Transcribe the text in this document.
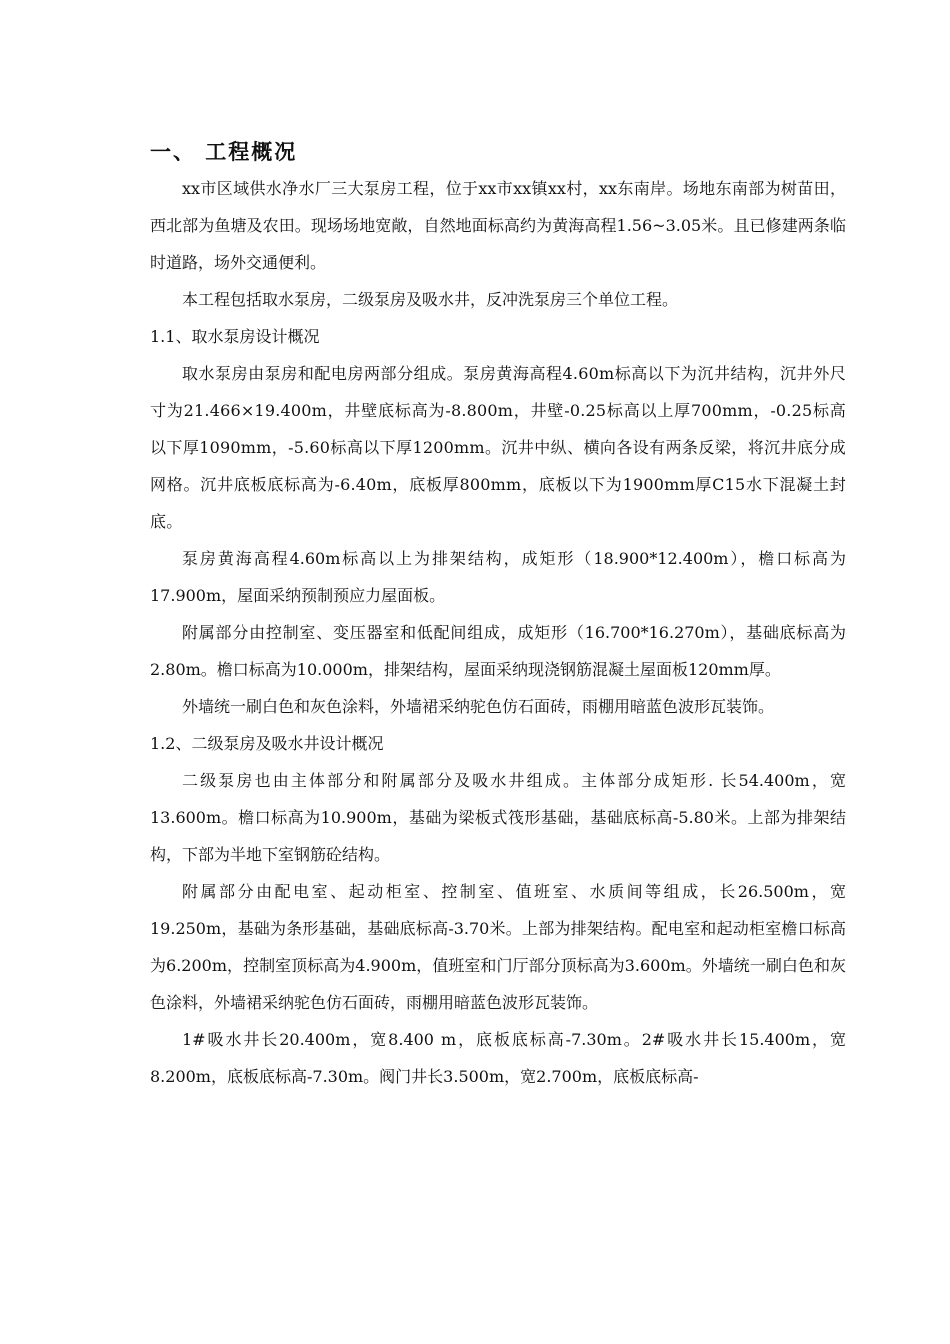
一、 工程概况

xx市区域供水净水厂三大泵房工程，位于xx市xx镇xx村，xx东南岸。场地东南部为树苗田，西北部为鱼塘及农田。现场场地宽敞，自然地面标高约为黄海高程1.56~3.05米。且已修建两条临时道路，场外交通便利。

本工程包括取水泵房，二级泵房及吸水井，反冲洗泵房三个单位工程。

1.1、取水泵房设计概况

取水泵房由泵房和配电房两部分组成。泵房黄海高程4.60m标高以下为沉井结构，沉井外尺寸为21.466×19.400m，井壁底标高为-8.800m，井壁-0.25标高以上厚700mm，-0.25标高以下厚1090mm，-5.60标高以下厚1200mm。沉井中纵、横向各设有两条反梁，将沉井底分成网格。沉井底板底标高为-6.40m，底板厚800mm，底板以下为1900mm厚C15水下混凝土封底。

泵房黄海高程4.60m标高以上为排架结构，成矩形（18.900*12.400m），檐口标高为17.900m，屋面采纳预制预应力屋面板。

附属部分由控制室、变压器室和低配间组成，成矩形（16.700*16.270m），基础底标高为2.80m。檐口标高为10.000m，排架结构，屋面采纳现浇钢筋混凝土屋面板120mm厚。

外墙统一刷白色和灰色涂料，外墙裙采纳驼色仿石面砖，雨棚用暗蓝色波形瓦装饰。

1.2、二级泵房及吸水井设计概况

二级泵房也由主体部分和附属部分及吸水井组成。主体部分成矩形. 长54.400m，宽13.600m。檐口标高为10.900m，基础为梁板式筏形基础，基础底标高-5.80米。上部为排架结构，下部为半地下室钢筋砼结构。

附属部分由配电室、起动柜室、控制室、值班室、水质间等组成，长26.500m，宽19.250m，基础为条形基础，基础底标高-3.70米。上部为排架结构。配电室和起动柜室檐口标高为6.200m，控制室顶标高为4.900m，值班室和门厅部分顶标高为3.600m。外墙统一刷白色和灰色涂料，外墙裙采纳驼色仿石面砖，雨棚用暗蓝色波形瓦装饰。

1#吸水井长20.400m，宽8.400 m，底板底标高-7.30m。2#吸水井长15.400m，宽8.200m，底板底标高-7.30m。阀门井长3.500m，宽2.700m，底板底标高-
